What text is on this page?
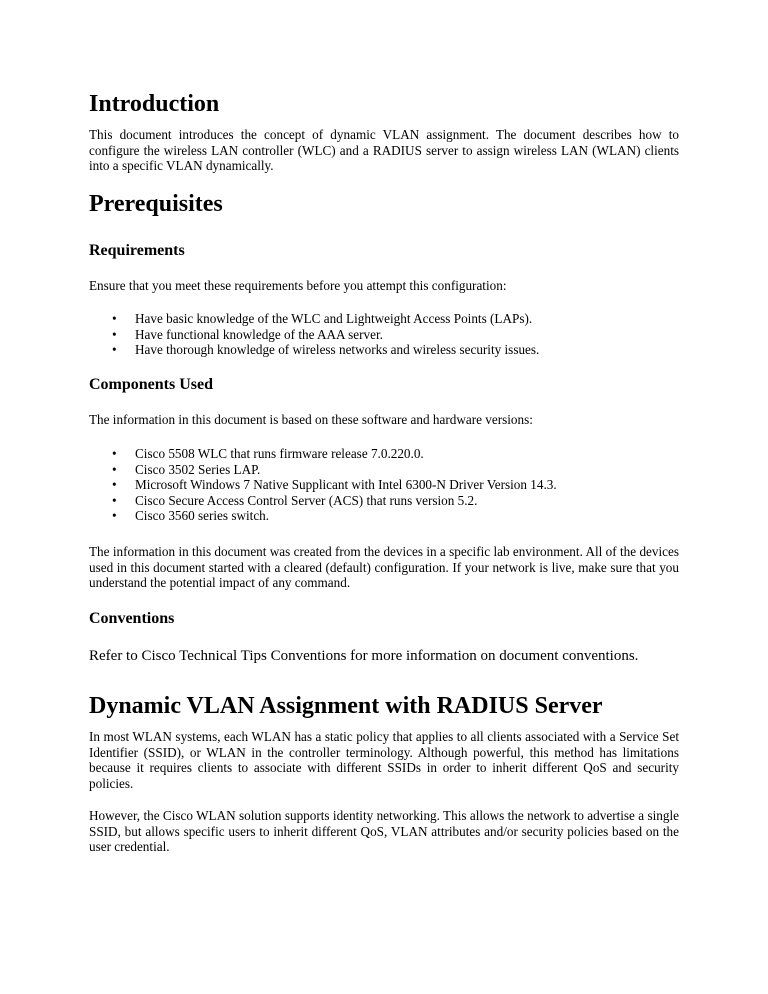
Introduction

This document introduces the concept of dynamic VLAN assignment. The document describes how to configure the wireless LAN controller (WLC) and a RADIUS server to assign wireless LAN (WLAN) clients into a specific VLAN dynamically.

Prerequisites
Requirements

Ensure that you meet these requirements before you attempt this configuration:

• Have basic knowledge of the WLC and Lightweight Access Points (LAPs).
• Have functional knowledge of the AAA server.
• Have thorough knowledge of wireless networks and wireless security issues.
Components Used

The information in this document is based on these software and hardware versions:

• Cisco 5508 WLC that runs firmware release 7.0.220.0.
• Cisco 3502 Series LAP.
• Microsoft Windows 7 Native Supplicant with Intel 6300-N Driver Version 14.3.
• Cisco Secure Access Control Server (ACS) that runs version 5.2.
• Cisco 3560 series switch.

The information in this document was created from the devices in a specific lab environment. All of the devices used in this document started with a cleared (default) configuration. If your network is live, make sure that you understand the potential impact of any command.

Conventions

Refer to Cisco Technical Tips Conventions for more information on document conventions.

Dynamic VLAN Assignment with RADIUS Server

In most WLAN systems, each WLAN has a static policy that applies to all clients associated with a Service Set Identifier (SSID), or WLAN in the controller terminology. Although powerful, this method has limitations because it requires clients to associate with different SSIDs in order to inherit different QoS and security policies.

However, the Cisco WLAN solution supports identity networking. This allows the network to advertise a single SSID, but allows specific users to inherit different QoS, VLAN attributes and/or security policies based on the user credential.
